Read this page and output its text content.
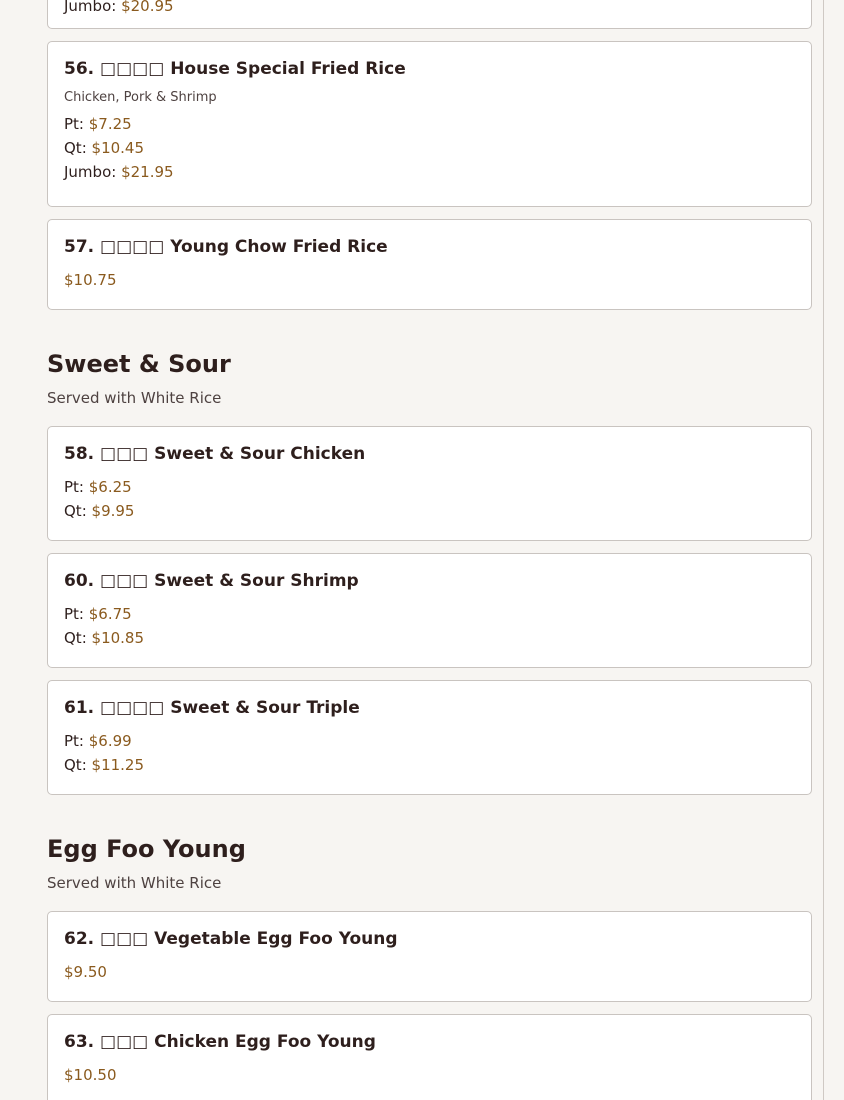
Jumbo: $20.95
56. □□□□ House Special Fried Rice
Chicken, Pork & Shrimp
Pt: $7.25
Qt: $10.45
Jumbo: $21.95
57. □□□□ Young Chow Fried Rice
$10.75
Sweet & Sour
Served with White Rice
58. □□□ Sweet & Sour Chicken
Pt: $6.25
Qt: $9.95
60. □□□ Sweet & Sour Shrimp
Pt: $6.75
Qt: $10.85
61. □□□□ Sweet & Sour Triple
Pt: $6.99
Qt: $11.25
Egg Foo Young
Served with White Rice
62. □□□ Vegetable Egg Foo Young
$9.50
63. □□□ Chicken Egg Foo Young
$10.50
